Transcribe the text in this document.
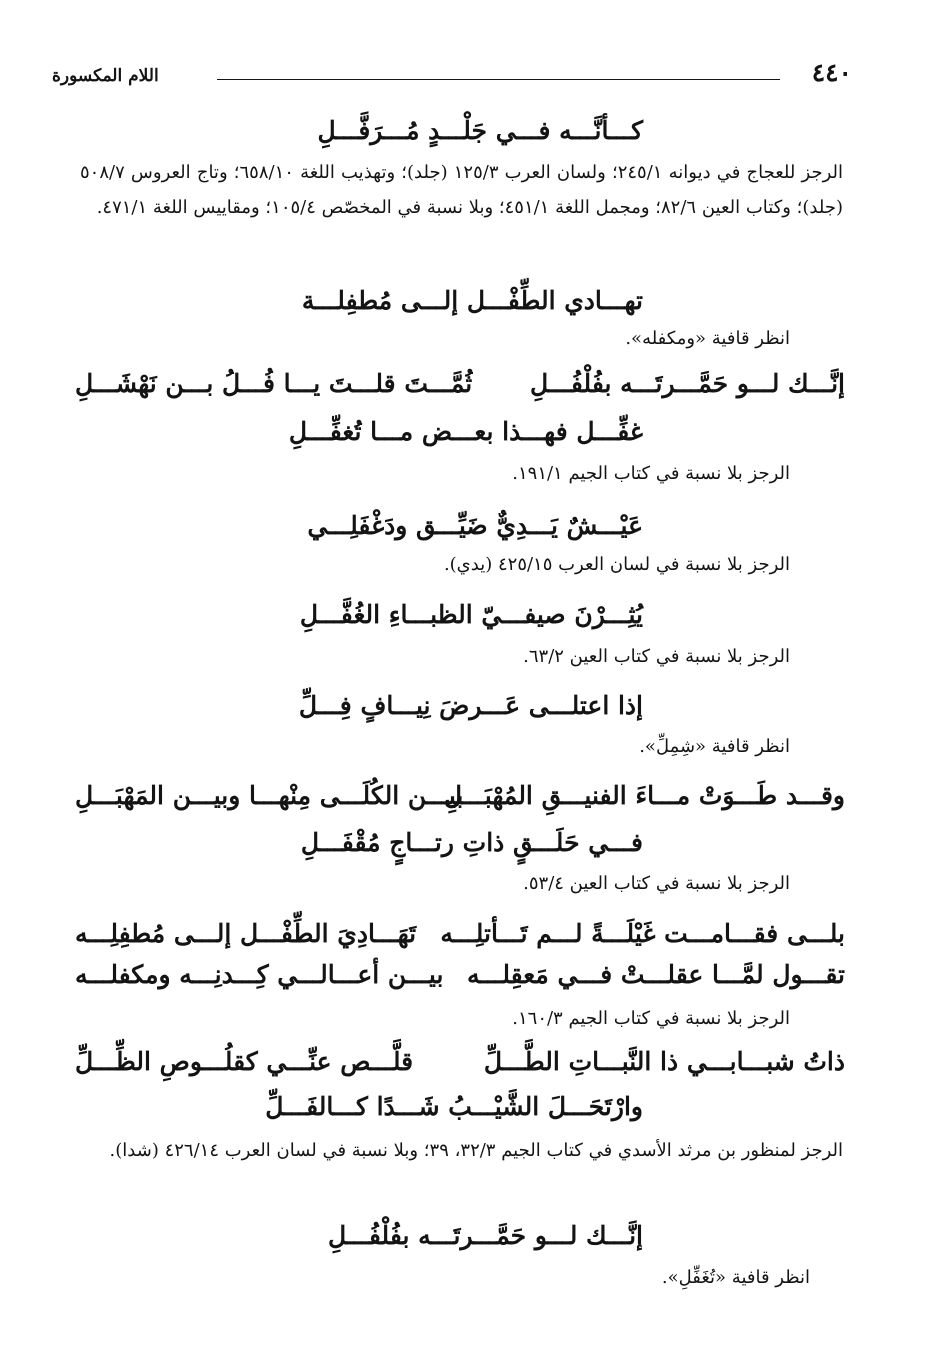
٤٤٠
اللام المكسورة
كـــأنَّـــه فـــي جَلْـــدٍ مُـــرَفَّـــلِ
الرجز للعجاج في ديوانه ٢٤٥/١؛ ولسان العرب ١٢٥/٣ (جلد)؛ وتهذيب اللغة ٦٥٨/١٠؛ وتاج العروس ٥٠٨/٧ (جلد)؛ وكتاب العين ٨٢/٦؛ ومجمل اللغة ٤٥١/١؛ وبلا نسبة في المخصّص ١٠٥/٤؛ ومقاييس اللغة ٤٧١/١.
تهـــادي الطِّفْـــل إلـــى مُطفِلـــة
انظر قافية «ومكفله».
إنَّـــك لـــو حَمَّـــرتَـــه بفُلْفُـــلِ
ثُمَّـــتَ قلـــتَ يـــا فُـــلُ بـــن نَهْشَـــلِ
غفِّـــل فهـــذا بعـــض مـــا تُغفِّـــلِ
الرجز بلا نسبة في كتاب الجيم ١٩١/١.
عَيْـــشٌ يَـــدِيٌّ ضَيِّـــق ودَغْفَلِـــي
الرجز بلا نسبة في لسان العرب ٤٢٥/١٥ (يدي).
يُثِـــرْنَ صيفـــيّ الظبـــاءِ الغُفَّـــلِ
الرجز بلا نسبة في كتاب العين ٦٣/٢.
إذا اعتلـــى عَـــرضَ نِيـــافٍ فِـــلِّ
انظر قافية «شِمِلِّ».
وقـــد طَـــوَتْ مـــاءَ الفنيـــقِ المُهْبَـــلِ
بيـــن الكُلَـــى مِنْهـــا وبيـــن المَهْبَـــلِ
فـــي حَلَـــقٍ ذاتِ رتـــاجٍ مُقْفَـــلِ
الرجز بلا نسبة في كتاب العين ٥٣/٤.
بلـــى فقـــامـــت غَيْلَـــةً لـــم تَـــأتلِـــه
تَهَـــادِيَ الطِّفْـــل إلـــى مُطفِلِـــه
تقـــول لمَّـــا عقلـــتْ فـــي مَعقِلـــه
بيـــن أعـــالـــي كِـــدنِـــه ومكفلـــه
الرجز بلا نسبة في كتاب الجيم ١٦٠/٣.
ذاتُ شبـــابـــي ذا النَّبـــاتِ الطَّـــلِّ
قلَّـــص عنِّـــي كقلُـــوصِ الظِّـــلِّ
وارْتَحَـــلَ الشَّيْـــبُ شَـــدًا كـــالفَـــلِّ
الرجز لمنظور بن مرثد الأسدي في كتاب الجيم ٣٢/٣، ٣٩؛ وبلا نسبة في لسان العرب ٤٢٦/١٤ (شدا).
إنَّـــك لـــو حَمَّـــرتَـــه بفُلْفُـــلِ
انظر قافية «تُغَفِّلِ».
